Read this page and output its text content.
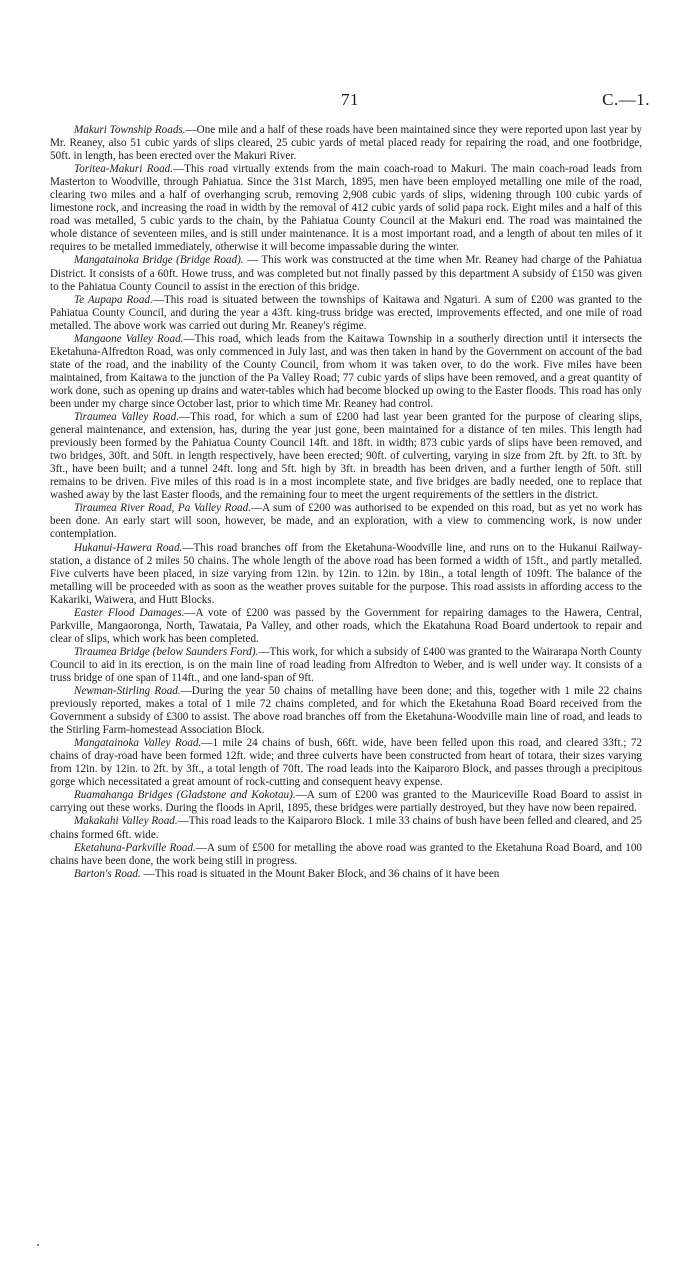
71	C.—1.

Makuri Township Roads.—One mile and a half of these roads have been maintained since they were reported upon last year by Mr. Reaney, also 51 cubic yards of slips cleared, 25 cubic yards of metal placed ready for repairing the road, and one footbridge, 50ft. in length, has been erected over the Makuri River.

Toritea-Makuri Road.—This road virtually extends from the main coach-road to Makuri. The main coach-road leads from Masterton to Woodville, through Pahiatua. Since the 31st March, 1895, men have been employed metalling one mile of the road, clearing two miles and a half of overhanging scrub, removing 2,908 cubic yards of slips, widening through 100 cubic yards of limestone rock, and increasing the road in width by the removal of 412 cubic yards of solid papa rock. Eight miles and a half of this road was metalled, 5 cubic yards to the chain, by the Pahiatua County Council at the Makuri end. The road was maintained the whole distance of seventeen miles, and is still under maintenance. It is a most important road, and a length of about ten miles of it requires to be metalled immediately, otherwise it will become impassable during the winter.

Mangatainoka Bridge (Bridge Road). — This work was constructed at the time when Mr. Reaney had charge of the Pahiatua District. It consists of a 60ft. Howe truss, and was completed but not finally passed by this department A subsidy of £150 was given to the Pahiatua County Council to assist in the erection of this bridge.

Te Aupapa Road.—This road is situated between the townships of Kaitawa and Ngaturi. A sum of £200 was granted to the Pahiatua County Council, and during the year a 43ft. king-truss bridge was erected, improvements effected, and one mile of road metalled. The above work was carried out during Mr. Reaney's régime.

Mangaone Valley Road.—This road, which leads from the Kaitawa Township in a southerly direction until it intersects the Eketahuna-Alfredton Road, was only commenced in July last, and was then taken in hand by the Government on account of the bad state of the road, and the inability of the County Council, from whom it was taken over, to do the work. Five miles have been maintained, from Kaitawa to the junction of the Pa Valley Road; 77 cubic yards of slips have been removed, and a great quantity of work done, such as opening up drains and water-tables which had become blocked up owing to the Easter floods. This road has only been under my charge since October last, prior to which time Mr. Reaney had control.

Tiraumea Valley Road.—This road, for which a sum of £200 had last year been granted for the purpose of clearing slips, general maintenance, and extension, has, during the year just gone, been maintained for a distance of ten miles. This length had previously been formed by the Pahiatua County Council 14ft. and 18ft. in width; 873 cubic yards of slips have been removed, and two bridges, 30ft. and 50ft. in length respectively, have been erected; 90ft. of culverting, varying in size from 2ft. by 2ft. to 3ft. by 3ft., have been built; and a tunnel 24ft. long and 5ft. high by 3ft. in breadth has been driven, and a further length of 50ft. still remains to be driven. Five miles of this road is in a most incomplete state, and five bridges are badly needed, one to replace that washed away by the last Easter floods, and the remaining four to meet the urgent requirements of the settlers in the district.

Tiraumea River Road, Pa Valley Road.—A sum of £200 was authorised to be expended on this road, but as yet no work has been done. An early start will soon, however, be made, and an exploration, with a view to commencing work, is now under contemplation.

Hukanui-Hawera Road.—This road branches off from the Eketahuna-Woodville line, and runs on to the Hukanui Railway-station, a distance of 2 miles 50 chains. The whole length of the above road has been formed a width of 15ft., and partly metalled. Five culverts have been placed, in size varying from 12in. by 12in. to 12in. by 18in., a total length of 109ft. The balance of the metalling will be proceeded with as soon as the weather proves suitable for the purpose. This road assists in affording access to the Kakariki, Waiwera, and Hutt Blocks.

Easter Flood Damages.—A vote of £200 was passed by the Government for repairing damages to the Hawera, Central, Parkville, Mangaoronga, North, Tawataia, Pa Valley, and other roads, which the Ekatahuna Road Board undertook to repair and clear of slips, which work has been completed.

Tiraumea Bridge (below Saunders Ford).—This work, for which a subsidy of £400 was granted to the Wairarapa North County Council to aid in its erection, is on the main line of road leading from Alfredton to Weber, and is well under way. It consists of a truss bridge of one span of 114ft., and one land-span of 9ft.

Newman-Stirling Road.—During the year 50 chains of metalling have been done; and this, together with 1 mile 22 chains previously reported, makes a total of 1 mile 72 chains completed, and for which the Eketahuna Road Board received from the Government a subsidy of £300 to assist. The above road branches off from the Eketahuna-Woodville main line of road, and leads to the Stirling Farm-homestead Association Block.

Mangatainoka Valley Road.—1 mile 24 chains of bush, 66ft. wide, have been felled upon this road, and cleared 33ft.; 72 chains of dray-road have been formed 12ft. wide; and three culverts have been constructed from heart of totara, their sizes varying from 12in. by 12in. to 2ft. by 3ft., a total length of 70ft. The road leads into the Kaiparoro Block, and passes through a precipitous gorge which necessitated a great amount of rock-cutting and consequent heavy expense.

Ruamahanga Bridges (Gladstone and Kokotau).—A sum of £200 was granted to the Mauriceville Road Board to assist in carrying out these works. During the floods in April, 1895, these bridges were partially destroyed, but they have now been repaired.

Makakahi Valley Road.—This road leads to the Kaiparoro Block. 1 mile 33 chains of bush have been felled and cleared, and 25 chains formed 6ft. wide.

Eketahuna-Parkville Road.—A sum of £500 for metalling the above road was granted to the Eketahuna Road Board, and 100 chains have been done, the work being still in progress.

Barton's Road. —This road is situated in the Mount Baker Block, and 36 chains of it have been
